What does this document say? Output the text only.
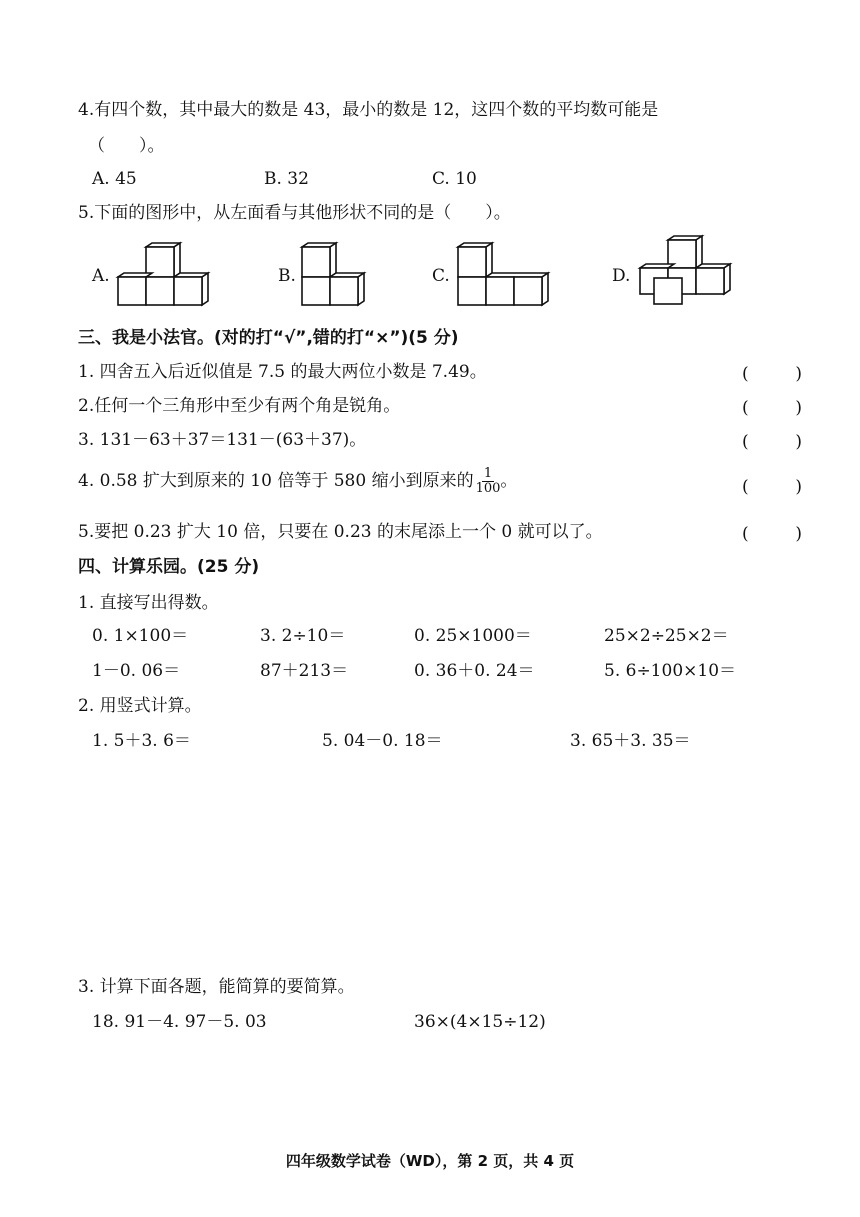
4.有四个数，其中最大的数是 43，最小的数是 12，这四个数的平均数可能是
（　　）。
A. 45	B. 32	C. 10
5.下面的图形中，从左面看与其他形状不同的是（　　）。
A.	B.	C.	D.
三、我是小法官。(对的打“√”,错的打“×”)(5 分)
1. 四舍五入后近似值是 7.5 的最大两位小数是 7.49。	(	)
2.任何一个三角形中至少有两个角是锐角。	(	)
3. 131－63＋37＝131－(63＋37)。	(	)
4. 0.58 扩大到原来的 10 倍等于 580 缩小到原来的 $\frac{1}{100}$ 。	(	)
5.要把 0.23 扩大 10 倍，只要在 0.23 的末尾添上一个 0 就可以了。	(	)
四、计算乐园。(25 分)
1. 直接写出得数。
0. 1×100＝	3. 2÷10＝	0. 25×1000＝	25×2÷25×2＝
1－0. 06＝	87＋213＝	0. 36＋0. 24＝	5. 6÷100×10＝
2. 用竖式计算。
1. 5＋3. 6＝	5. 04－0. 18＝	3. 65＋3. 35＝
3. 计算下面各题，能简算的要简算。
18. 91－4. 97－5. 03	36×(4×15÷12)
四年级数学试卷（WD），第 2 页，共 4 页
